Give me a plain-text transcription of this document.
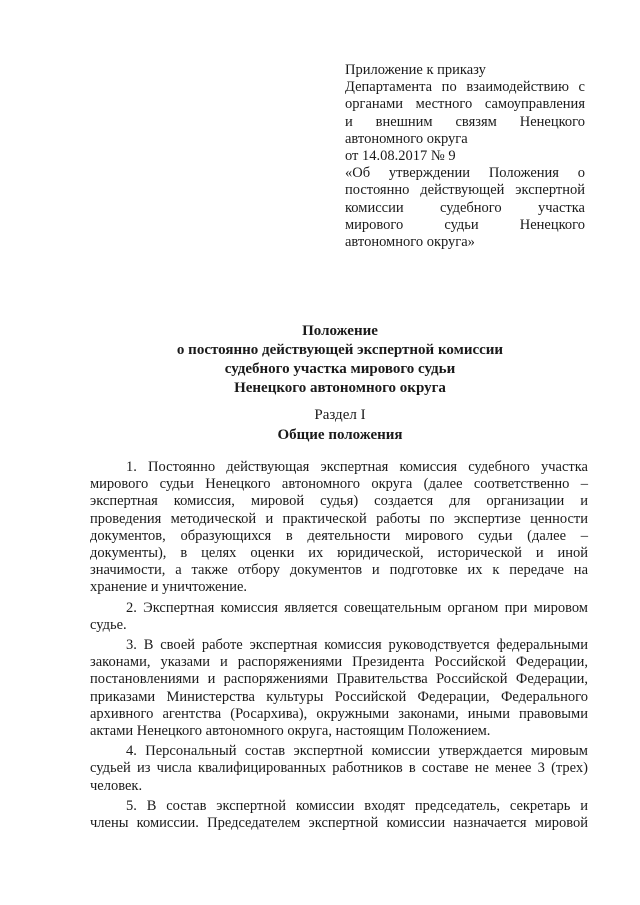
Приложение к приказу
Департамента по взаимодействию с
органами местного самоуправления
и внешним связям Ненецкого
автономного округа
от 14.08.2017 № 9
«Об утверждении Положения о
постоянно действующей экспертной
комиссии судебного участка
мирового судьи Ненецкого
автономного округа»
Положение
о постоянно действующей экспертной комиссии
судебного участка мирового судьи
Ненецкого автономного округа
Раздел I
Общие положения
1. Постоянно действующая экспертная комиссия судебного участка
мирового судьи Ненецкого автономного округа (далее соответственно –
экспертная комиссия, мировой судья) создается для организации и
проведения методической и практической работы по экспертизе ценности
документов, образующихся в деятельности мирового судьи (далее –
документы), в целях оценки их юридической, исторической и иной
значимости, а также отбору документов и подготовке их к передаче на
хранение и уничтожение.
2. Экспертная комиссия является совещательным органом при мировом
судье.
3. В своей работе экспертная комиссия руководствуется федеральными
законами, указами и распоряжениями Президента Российской Федерации,
постановлениями и распоряжениями Правительства Российской Федерации,
приказами Министерства культуры Российской Федерации, Федерального
архивного агентства (Росархива), окружными законами, иными правовыми
актами Ненецкого автономного округа, настоящим Положением.
4. Персональный состав экспертной комиссии утверждается мировым
судьей из числа квалифицированных работников в составе не менее 3 (трех)
человек.
5. В состав экспертной комиссии входят председатель, секретарь и
члены комиссии. Председателем экспертной комиссии назначается мировой
